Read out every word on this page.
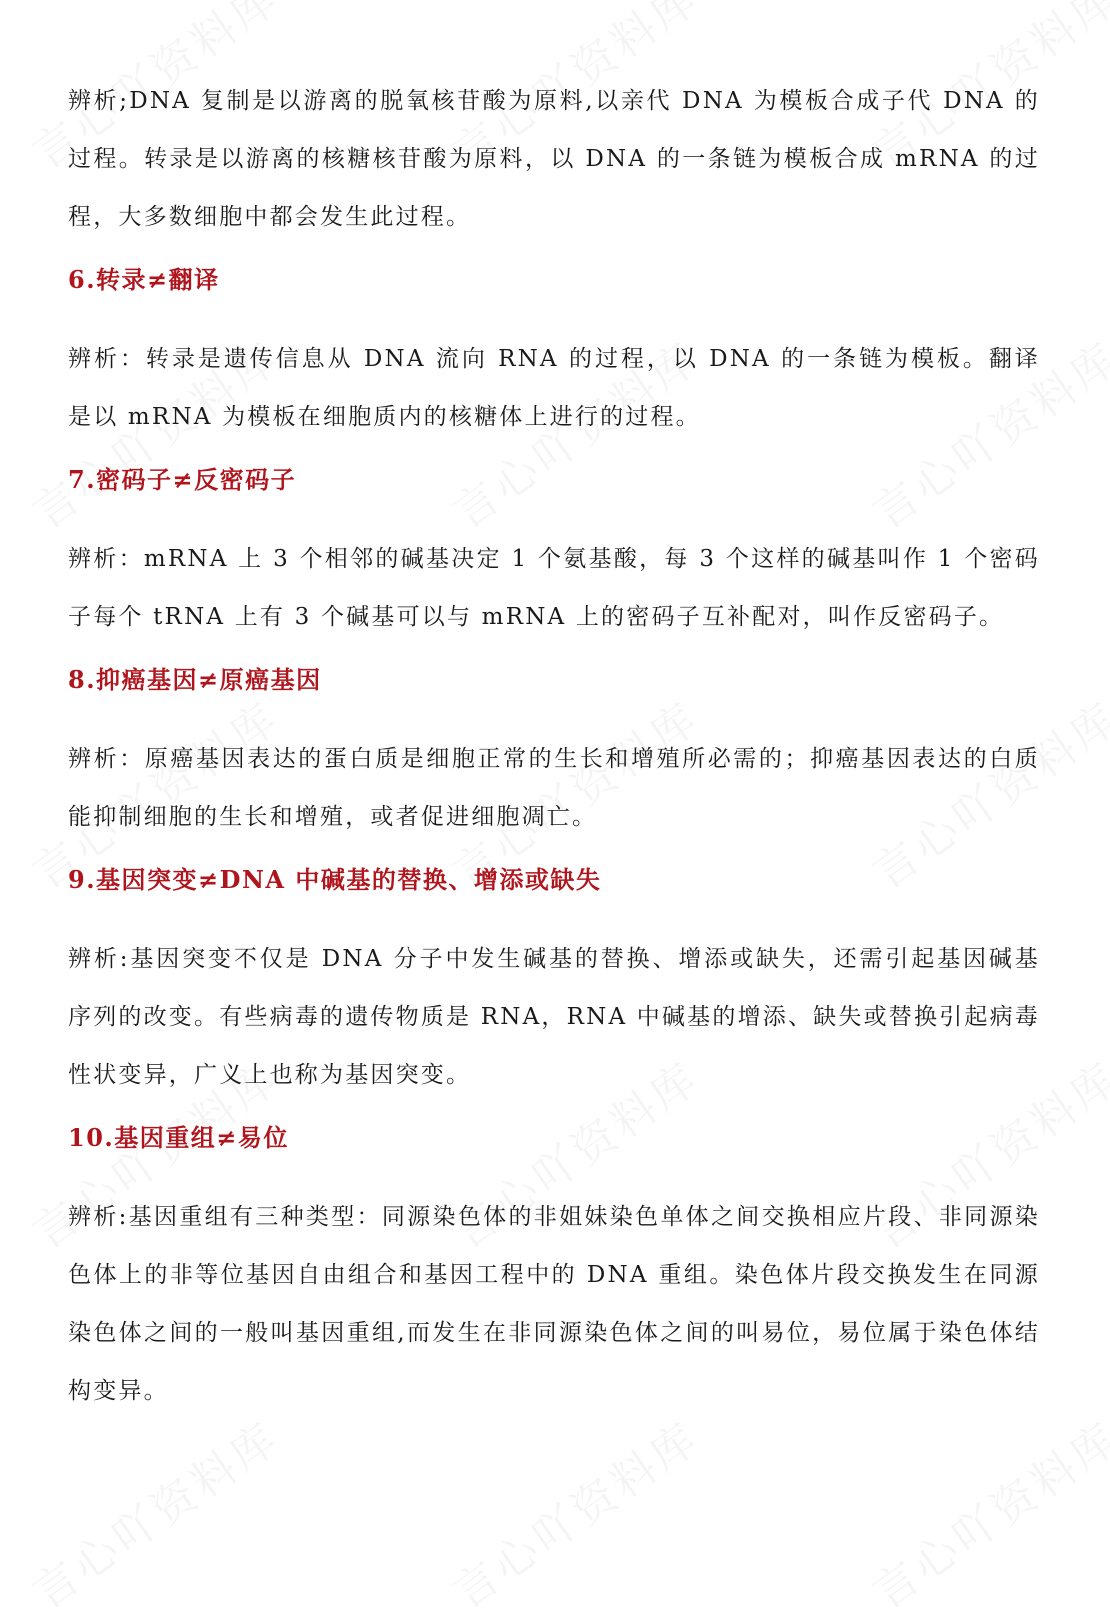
辨析;DNA 复制是以游离的脱氧核苷酸为原料,以亲代 DNA 为模板合成子代 DNA 的过程。转录是以游离的核糖核苷酸为原料，以 DNA 的一条链为模板合成 mRNA 的过程，大多数细胞中都会发生此过程。

6.转录≠翻译

辨析：转录是遗传信息从 DNA 流向 RNA 的过程，以 DNA 的一条链为模板。翻译是以 mRNA 为模板在细胞质内的核糖体上进行的过程。

7.密码子≠反密码子

辨析：mRNA 上 3 个相邻的碱基决定 1 个氨基酸，每 3 个这样的碱基叫作 1 个密码子每个 tRNA 上有 3 个碱基可以与 mRNA 上的密码子互补配对，叫作反密码子。

8.抑癌基因≠原癌基因

辨析：原癌基因表达的蛋白质是细胞正常的生长和增殖所必需的；抑癌基因表达的白质能抑制细胞的生长和增殖，或者促进细胞凋亡。

9.基因突变≠DNA 中碱基的替换、增添或缺失

辨析:基因突变不仅是 DNA 分子中发生碱基的替换、增添或缺失，还需引起基因碱基序列的改变。有些病毒的遗传物质是 RNA，RNA 中碱基的增添、缺失或替换引起病毒性状变异，广义上也称为基因突变。

10.基因重组≠易位

辨析:基因重组有三种类型：同源染色体的非姐妹染色单体之间交换相应片段、非同源染色体上的非等位基因自由组合和基因工程中的 DNA 重组。染色体片段交换发生在同源染色体之间的一般叫基因重组,而发生在非同源染色体之间的叫易位，易位属于染色体结构变异。
